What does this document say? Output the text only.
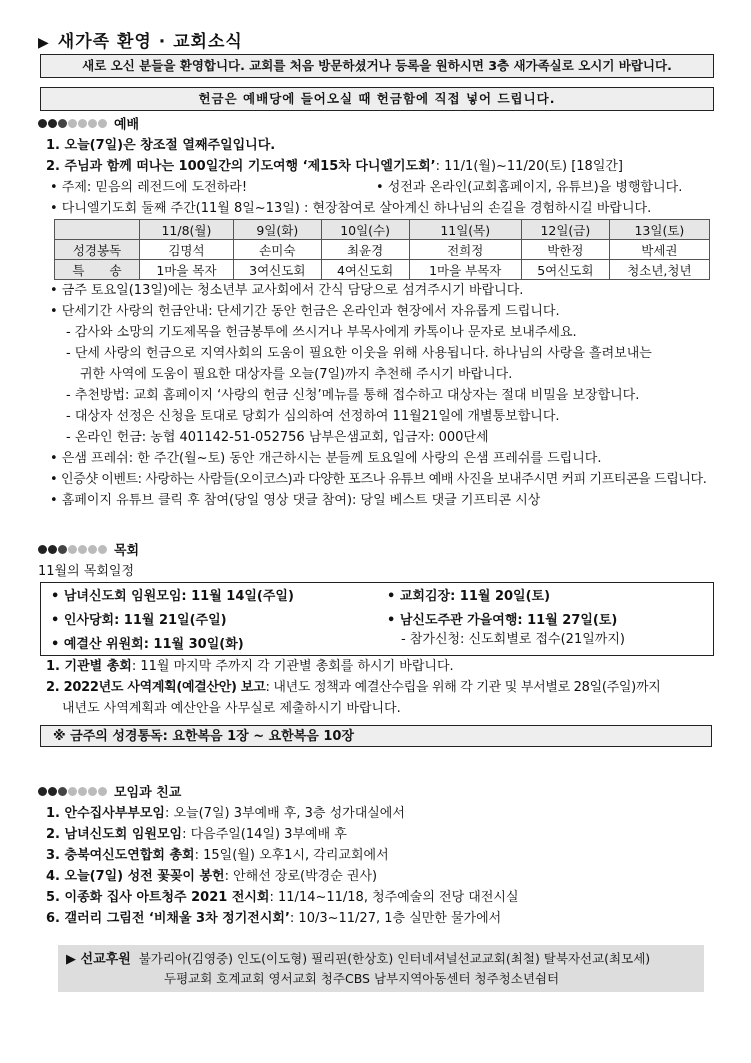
▶ 새가족 환영 · 교회소식
새로 오신 분들을 환영합니다. 교회를 처음 방문하셨거나 등록을 원하시면 3층 새가족실로 오시기 바랍니다.
헌금은 예배당에 들어오실 때 헌금함에 직접 넣어 드립니다.
예배
1. 오늘(7일)은 창조절 열째주일입니다.
2. 주님과 함께 떠나는 100일간의 기도여행 ‘제15차 다니엘기도회’: 11/1(월)~11/20(토) [18일간]
• 주제: 믿음의 레전드에 도전하라!	• 성전과 온라인(교회홈페이지, 유튜브)을 병행합니다.
• 다니엘기도회 둘째 주간(11월 8일~13일) : 현장참여로 살아계신 하나님의 손길을 경험하시길 바랍니다.
	11/8(월)	9일(화)	10일(수)	11일(목)	12일(금)	13일(토)
성경봉독	김명석	손미숙	최윤경	전희정	박한정	박세권
특　　송	1마을 목자	3여신도회	4여신도회	1마을 부목자	5여신도회	청소년,청년
• 금주 토요일(13일)에는 청소년부 교사회에서 간식 담당으로 섬겨주시기 바랍니다.
• 단세기간 사랑의 헌금안내: 단세기간 동안 헌금은 온라인과 현장에서 자유롭게 드립니다.
- 감사와 소망의 기도제목을 헌금봉투에 쓰시거나 부목사에게 카톡이나 문자로 보내주세요.
- 단세 사랑의 헌금으로 지역사회의 도움이 필요한 이웃을 위해 사용됩니다. 하나님의 사랑을 흘려보내는
귀한 사역에 도움이 필요한 대상자를 오늘(7일)까지 추천해 주시기 바랍니다.
- 추천방법: 교회 홈페이지 ‘사랑의 헌금 신청’메뉴를 통해 접수하고 대상자는 절대 비밀을 보장합니다.
- 대상자 선정은 신청을 토대로 당회가 심의하여 선정하여 11월21일에 개별통보합니다.
- 온라인 헌금: 농협 401142-51-052756 남부은샘교회, 입금자: 000단세
• 은샘 프레쉬: 한 주간(월~토) 동안 개근하시는 분들께 토요일에 사랑의 은샘 프레쉬를 드립니다.
• 인증샷 이벤트: 사랑하는 사람들(오이코스)과 다양한 포즈나 유튜브 예배 사진을 보내주시면 커피 기프티콘을 드립니다.
• 홈페이지 유튜브 클릭 후 참여(당일 영상 댓글 참여): 당일 베스트 댓글 기프티콘 시상
목회
11월의 목회일정
• 남녀신도회 임원모임: 11월 14일(주일)	• 교회김장: 11월 20일(토)
• 인사당회: 11월 21일(주일)	• 남신도주관 가을여행: 11월 27일(토)
- 참가신청: 신도회별로 접수(21일까지)
• 예결산 위원회: 11월 30일(화)
1. 기관별 총회: 11월 마지막 주까지 각 기관별 총회를 하시기 바랍니다.
2. 2022년도 사역계획(예결산안) 보고: 내년도 정책과 예결산수립을 위해 각 기관 및 부서별로 28일(주일)까지
내년도 사역계획과 예산안을 사무실로 제출하시기 바랍니다.
※ 금주의 성경통독: 요한복음 1장 ~ 요한복음 10장
모임과 친교
1. 안수집사부부모임: 오늘(7일) 3부예배 후, 3층 성가대실에서
2. 남녀신도회 임원모임: 다음주일(14일) 3부예배 후
3. 충북여신도연합회 총회: 15일(월) 오후1시, 각리교회에서
4. 오늘(7일) 성전 꽃꽂이 봉헌: 안해선 장로(박경순 권사)
5. 이종화 집사 아트청주 2021 전시회: 11/14~11/18, 청주예술의 전당 대전시실
6. 갤러리 그림전 ‘비채울 3차 정기전시회’: 10/3~11/27, 1층 실만한 물가에서
▶ 선교후원 불가리아(김영중) 인도(이도형) 필리핀(한상호) 인터네셔널선교교회(최철) 탈북자선교(최모세)
두평교회 호계교회 영서교회 청주CBS 남부지역아동센터 청주청소년쉼터
